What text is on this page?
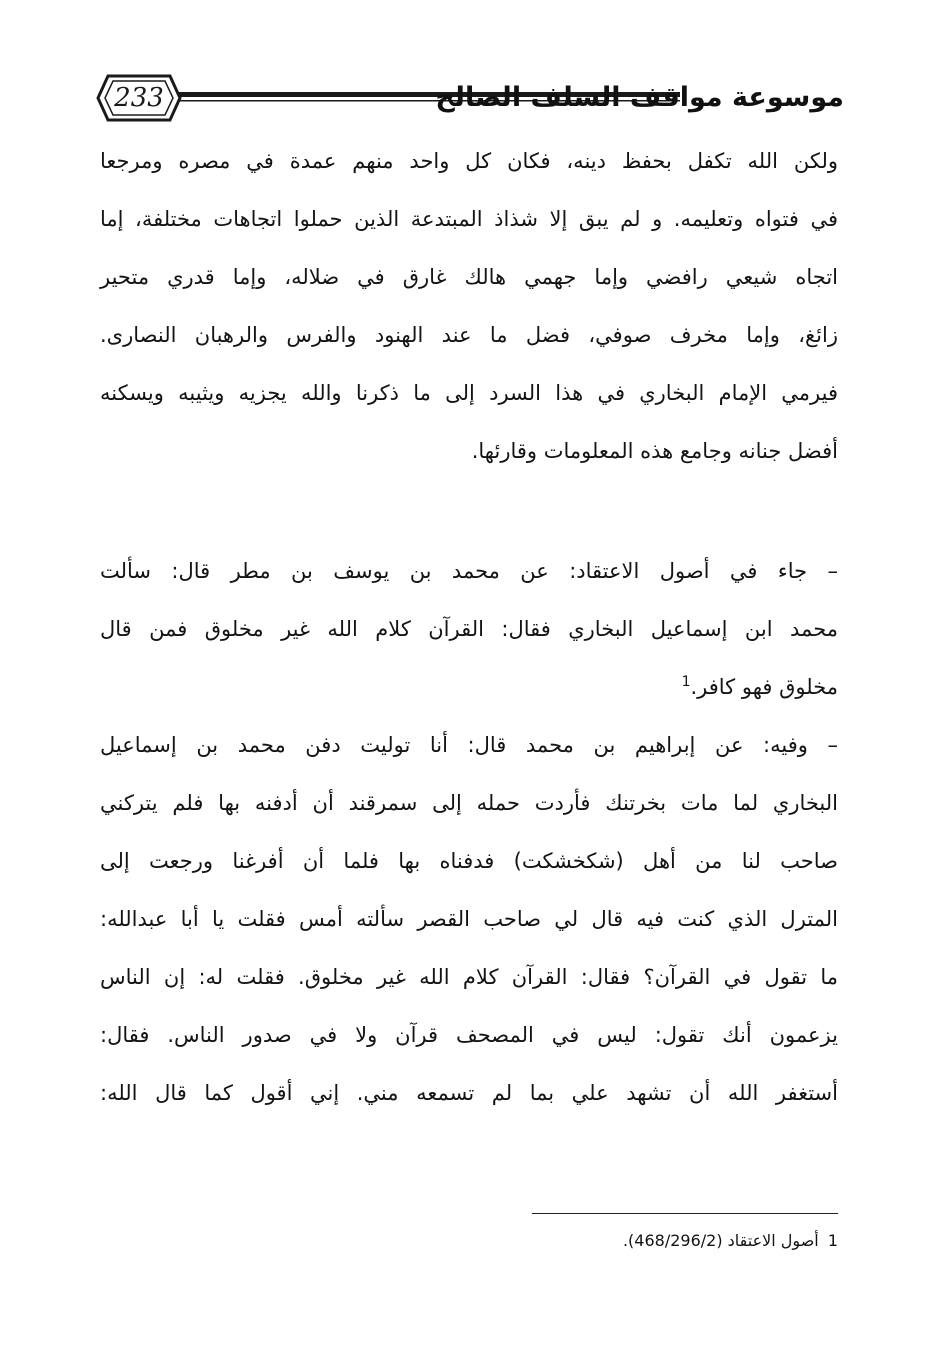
233	موسوعة مواقف السلف الصالح
ولكن الله تكفل بحفظ دينه، فكان كل واحد منهم عمدة في مصره ومرجعا
في فتواه وتعليمه. و لم يبق إلا شذاذ المبتدعة الذين حملوا اتجاهات مختلفة، إما
اتجاه شيعي رافضي وإما جهمي هالك غارق في ضلاله، وإما قدري متحير
زائغ، وإما مخرف صوفي، فضل ما عند الهنود والفرس والرهبان النصارى.
فيرمي الإمام البخاري في هذا السرد إلى ما ذكرنا والله يجزيه ويثيبه ويسكنه
أفضل جنانه وجامع هذه المعلومات وقارئها.
– جاء في أصول الاعتقاد: عن محمد بن يوسف بن مطر قال: سألت
محمد ابن إسماعيل البخاري فقال: القرآن كلام الله غير مخلوق فمن قال
مخلوق فهو كافر.$^1$
– وفيه: عن إبراهيم بن محمد قال: أنا توليت دفن محمد بن إسماعيل
البخاري لما مات بخرتنك فأردت حمله إلى سمرقند أن أدفنه بها فلم يتركني
صاحب لنا من أهل (شكخشكت) فدفناه بها فلما أن أفرغنا ورجعت إلى
المترل الذي كنت فيه قال لي صاحب القصر سألته أمس فقلت يا أبا عبدالله:
ما تقول في القرآن؟ فقال: القرآن كلام الله غير مخلوق. فقلت له: إن الناس
يزعمون أنك تقول: ليس في المصحف قرآن ولا في صدور الناس. فقال:
أستغفر الله أن تشهد علي بما لم تسمعه مني. إني أقول كما قال الله:
1 أصول الاعتقاد (468/296/2).
